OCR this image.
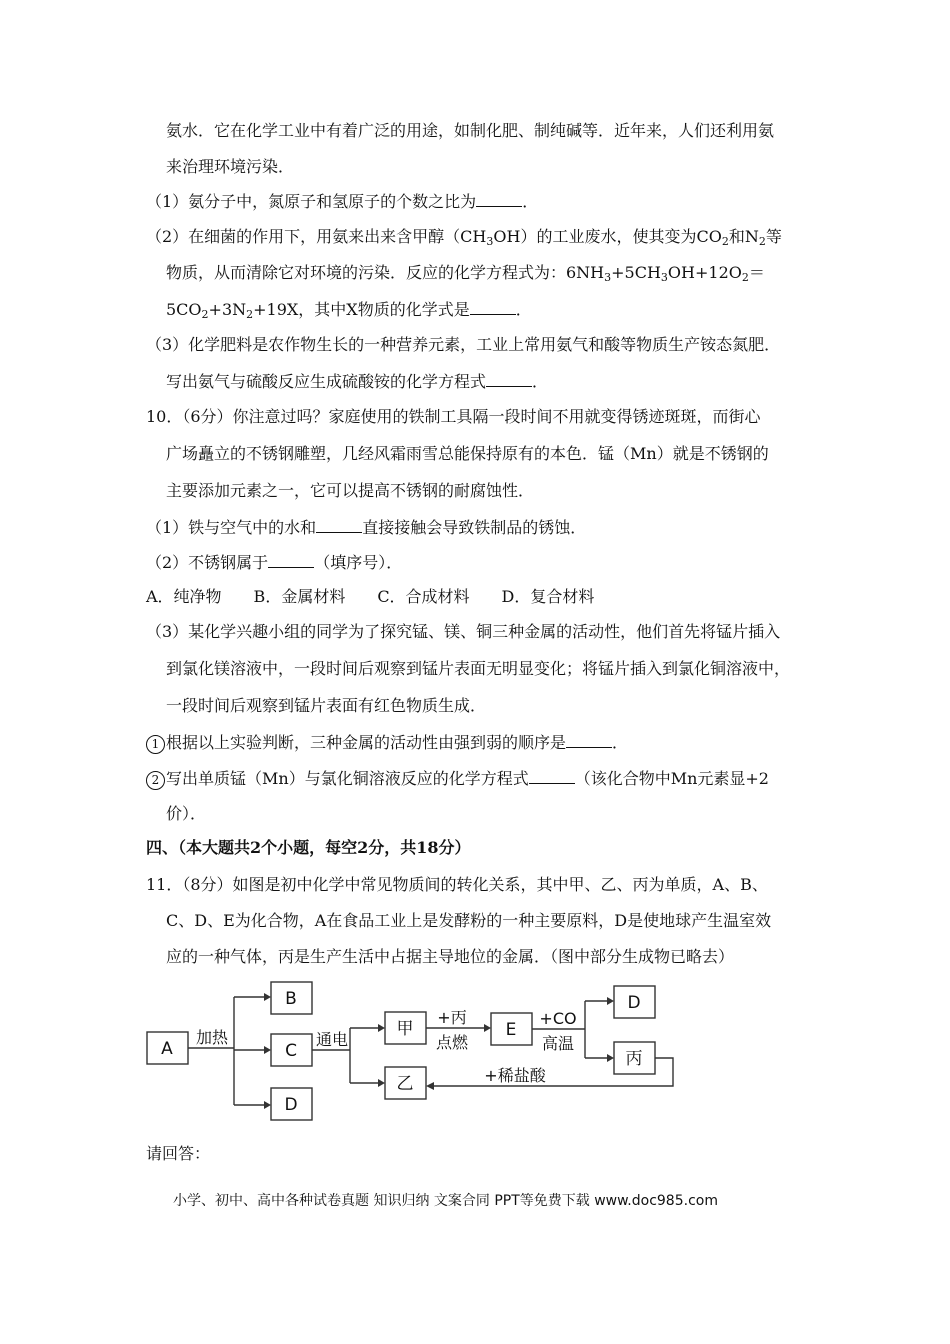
氨水．它在化学工业中有着广泛的用途，如制化肥、制纯碱等．近年来，人们还利用氨
来治理环境污染．
（1）氨分子中，氮原子和氢原子的个数之比为	．
（2）在细菌的作用下，用氨来出来含甲醇$(CH_3OH)$的工业废水，使其变为$CO_2$和$N_2$等
物质，从而清除它对环境的污染．反应的化学方程式为：$6NH_3+5CH_3OH+12O_2=$
$5CO_2+3N_2+19X$，其中X物质的化学式是	．
（3）化学肥料是农作物生长的一种营养元素，工业上常用氨气和酸等物质生产铵态氮肥．
写出氨气与硫酸反应生成硫酸铵的化学方程式	．
10．（6分）你注意过吗？家庭使用的铁制工具隔一段时间不用就变得锈迹斑斑，而街心
广场矗立的不锈钢雕塑，几经风霜雨雪总能保持原有的本色．锰（Mn）就是不锈钢的
主要添加元素之一，它可以提高不锈钢的耐腐蚀性．
（1）铁与空气中的水和	直接接触会导致铁制品的锈蚀．
（2）不锈钢属于	（填序号）．
A．纯净物　　B．金属材料　　C．合成材料　　D．复合材料
（3）某化学兴趣小组的同学为了探究锰、镁、铜三种金属的活动性，他们首先将锰片插入
到氯化镁溶液中，一段时间后观察到锰片表面无明显变化；将锰片插入到氯化铜溶液中，
一段时间后观察到锰片表面有红色物质生成．
1 根据以上实验判断，三种金属的活动性由强到弱的顺序是	．
2 写出单质锰（Mn）与氯化铜溶液反应的化学方程式	（该化合物中Mn元素显+2
价）．
四、（本大题共2个小题，每空2分，共18分）
11．（8分）如图是初中化学中常见物质间的转化关系，其中甲、乙、丙为单质，A、B、
C、D、E为化合物，A在食品工业上是发酵粉的一种主要原料，D是使地球产生温室效
应的一种气体，丙是生产生活中占据主导地位的金属．（图中部分生成物已略去）
A
B
C
D
甲
乙
E
D
丙
加热	通电
+丙
点燃
+CO
高温
+稀盐酸
请回答：
小学、初中、高中各种试卷真题 知识归纳 文案合同 PPT等免费下载 www.doc985.com
